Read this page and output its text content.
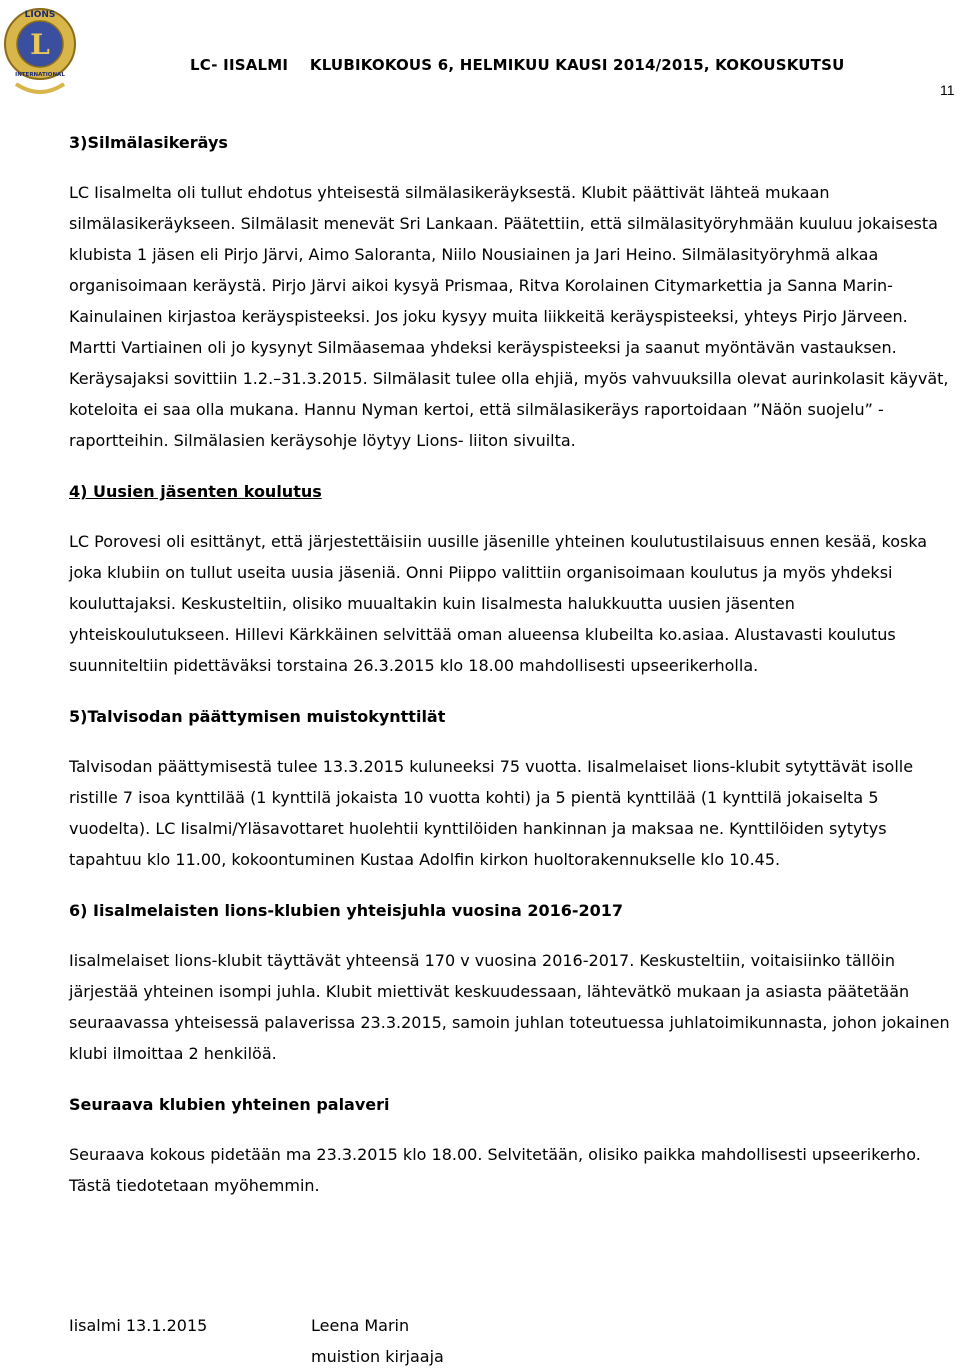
LIONS
INTERNATIONAL
L
LC- IISALMI    KLUBIKOKOUS 6, HELMIKUU KAUSI 2014/2015, KOKOUSKUTSU
11

3)Silmälasikeräys

LC Iisalmelta oli tullut ehdotus yhteisestä silmälasikeräyksestä. Klubit päättivät lähteä mukaan silmälasikeräykseen. Silmälasit menevät Sri Lankaan. Päätettiin, että silmälasityöryhmään kuuluu jokaisesta klubista 1 jäsen eli Pirjo Järvi, Aimo Saloranta, Niilo Nousiainen ja Jari Heino. Silmälasityöryhmä alkaa organisoimaan keräystä. Pirjo Järvi aikoi kysyä Prismaa, Ritva Korolainen Citymarkettia ja Sanna Marin-Kainulainen kirjastoa keräyspisteeksi. Jos joku kysyy muita liikkeitä keräyspisteeksi, yhteys Pirjo Järveen. Martti Vartiainen oli jo kysynyt Silmäasemaa yhdeksi keräyspisteeksi ja saanut myöntävän vastauksen. Keräysajaksi sovittiin 1.2.–31.3.2015. Silmälasit tulee olla ehjiä, myös vahvuuksilla olevat aurinkolasit käyvät, koteloita ei saa olla mukana. Hannu Nyman kertoi, että silmälasikeräys raportoidaan ”Näön suojelu” -raportteihin. Silmälasien keräysohje löytyy Lions- liiton sivuilta.

4) Uusien jäsenten koulutus

LC Porovesi oli esittänyt, että järjestettäisiin uusille jäsenille yhteinen koulutustilaisuus ennen kesää, koska joka klubiin on tullut useita uusia jäseniä. Onni Piippo valittiin organisoimaan koulutus ja myös yhdeksi kouluttajaksi. Keskusteltiin, olisiko muualtakin kuin Iisalmesta halukkuutta uusien jäsenten yhteiskoulutukseen. Hillevi Kärkkäinen selvittää oman alueensa klubeilta ko.asiaa. Alustavasti koulutus suunniteltiin pidettäväksi torstaina 26.3.2015 klo 18.00 mahdollisesti upseerikerholla.

5)Talvisodan päättymisen muistokynttilät

Talvisodan päättymisestä tulee 13.3.2015 kuluneeksi 75 vuotta. Iisalmelaiset lions-klubit sytyttävät isolle ristille 7 isoa kynttilää (1 kynttilä jokaista 10 vuotta kohti) ja 5 pientä kynttilää (1 kynttilä jokaiselta 5 vuodelta). LC Iisalmi/Yläsavottaret huolehtii kynttilöiden hankinnan ja maksaa ne. Kynttilöiden sytytys tapahtuu klo 11.00, kokoontuminen Kustaa Adolfin kirkon huoltorakennukselle klo 10.45.

6) Iisalmelaisten lions-klubien yhteisjuhla vuosina 2016-2017

Iisalmelaiset lions-klubit täyttävät yhteensä 170 v vuosina 2016-2017. Keskusteltiin, voitaisiinko tällöin järjestää yhteinen isompi juhla. Klubit miettivät keskuudessaan, lähtevätkö mukaan ja asiasta päätetään seuraavassa yhteisessä palaverissa 23.3.2015, samoin juhlan toteutuessa juhlatoimikunnasta, johon jokainen klubi ilmoittaa 2 henkilöä.

Seuraava klubien yhteinen palaveri

Seuraava kokous pidetään ma 23.3.2015 klo 18.00. Selvitetään, olisiko paikka mahdollisesti upseerikerho. Tästä tiedotetaan myöhemmin.

Iisalmi 13.1.2015	Leena Marin
muistion kirjaaja
